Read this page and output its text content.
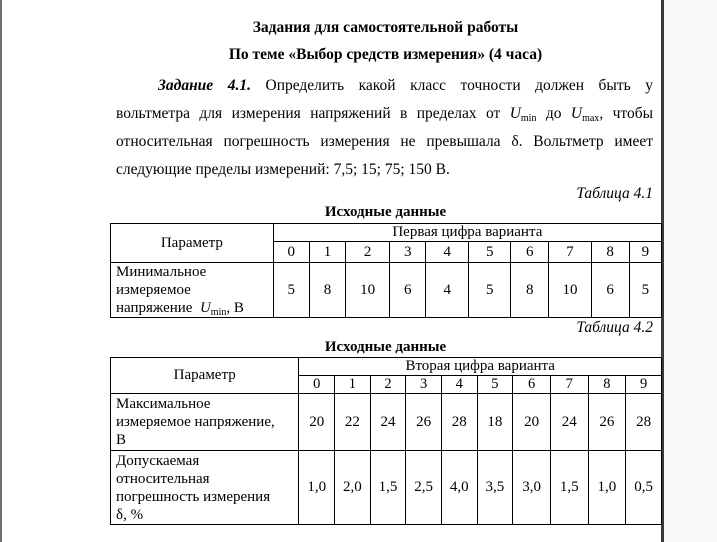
Задания для самостоятельной работы
По теме «Выбор средств измерения» (4 часа)
Задание 4.1. Определить какой класс точности должен быть у
вольтметра для измерения напряжений в пределах от $U_{min}$ до $U_{max}$, чтобы
относительная погрешность измерения не превышала δ. Вольтметр имеет
следующие пределы измерений: 7,5; 15; 75; 150 В.
Таблица 4.1
Исходные данные
Параметр	Первая цифра варианта									
	0	1	2	3	4	5	6	7	8	9

Минимальное
измеряемое
напряжение $U_{min}$, В	5	8	10	6	4	5	8	10	6	5
Таблица 4.2
Исходные данные
Параметр	Вторая цифра варианта									
	0	1	2	3	4	5	6	7	8	9

Максимальное
измеряемое напряжение,
В	20	22	24	26	28	18	20	24	26	28

Допускаемая
относительная
погрешность измерения
δ, %	1,0	2,0	1,5	2,5	4,0	3,5	3,0	1,5	1,0	0,5
